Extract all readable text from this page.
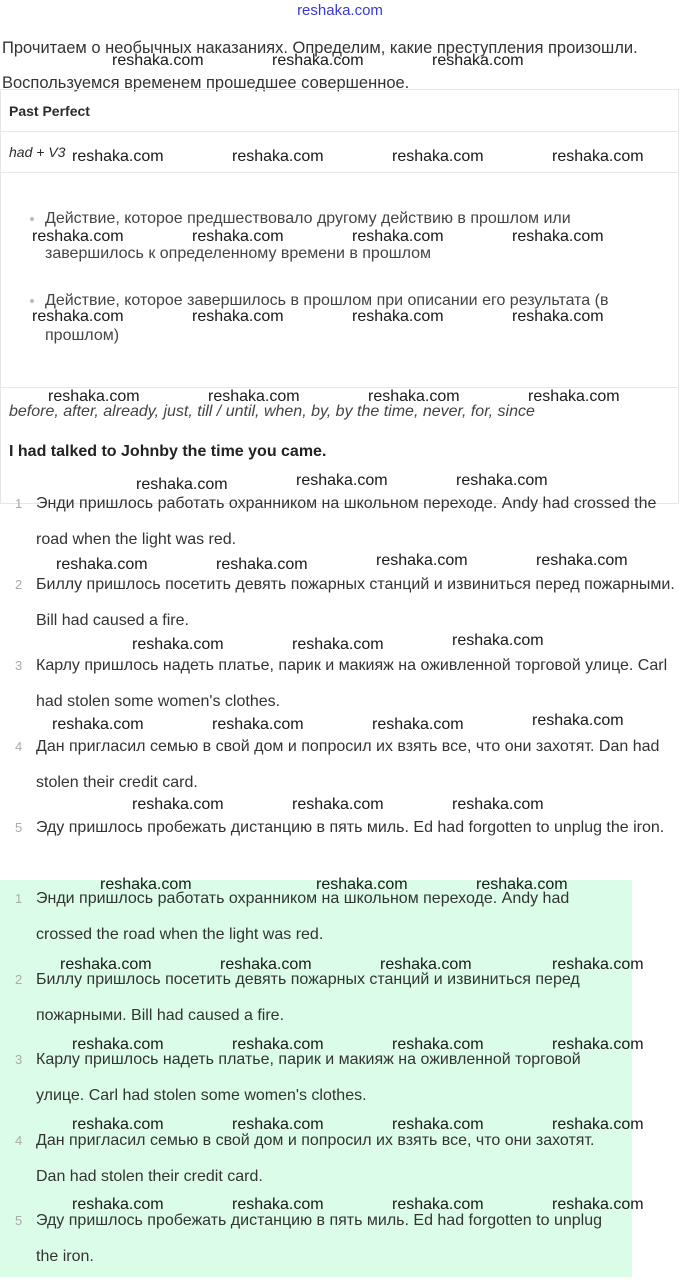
reshaka.com
Прочитаем о необычных наказаниях. Определим, какие преступления произошли. Воспользуемся временем прошедшее совершенное.
Past Perfect
had + V3

• Действие, которое предшествовало другому действию в прошлом или завершилось к определенному времени в прошлом
• Действие, которое завершилось в прошлом при описании его результата (в прошлом)

before, after, already, just, till / until, when, by, by the time, never, for, since
I had talked to Johnby the time you came.
1 Энди пришлось работать охранником на школьном переходе. Andy had crossed the road when the light was red.
2 Биллу пришлось посетить девять пожарных станций и извиниться перед пожарными. Bill had caused a fire.
3 Карлу пришлось надеть платье, парик и макияж на оживленной торговой улице. Carl had stolen some women's clothes.
4 Дан пригласил семью в свой дом и попросил их взять все, что они захотят. Dan had stolen their credit card.
5 Эду пришлось пробежать дистанцию в пять миль. Ed had forgotten to unplug the iron.
1 Энди пришлось работать охранником на школьном переходе. Andy had crossed the road when the light was red.
2 Биллу пришлось посетить девять пожарных станций и извиниться перед пожарными. Bill had caused a fire.
3 Карлу пришлось надеть платье, парик и макияж на оживленной торговой улице. Carl had stolen some women's clothes.
4 Дан пригласил семью в свой дом и попросил их взять все, что они захотят. Dan had stolen their credit card.
5 Эду пришлось пробежать дистанцию в пять миль. Ed had forgotten to unplug the iron.
reshaka.com	reshaka.com	reshaka.com
reshaka.com	reshaka.com	reshaka.com	reshaka.com
reshaka.com	reshaka.com	reshaka.com	reshaka.com
reshaka.com	reshaka.com	reshaka.com	reshaka.com
reshaka.com	reshaka.com	reshaka.com	reshaka.com
reshaka.com	reshaka.com
reshaka.com
reshaka.com	reshaka.com	reshaka.com	reshaka.com
reshaka.com	reshaka.com	reshaka.com
reshaka.com	reshaka.com	reshaka.com	reshaka.com
reshaka.com	reshaka.com	reshaka.com
reshaka.com	reshaka.com	reshaka.com
reshaka.com	reshaka.com	reshaka.com	reshaka.com
reshaka.com	reshaka.com	reshaka.com	reshaka.com
reshaka.com	reshaka.com	reshaka.com	reshaka.com
reshaka.com	reshaka.com	reshaka.com	reshaka.com
